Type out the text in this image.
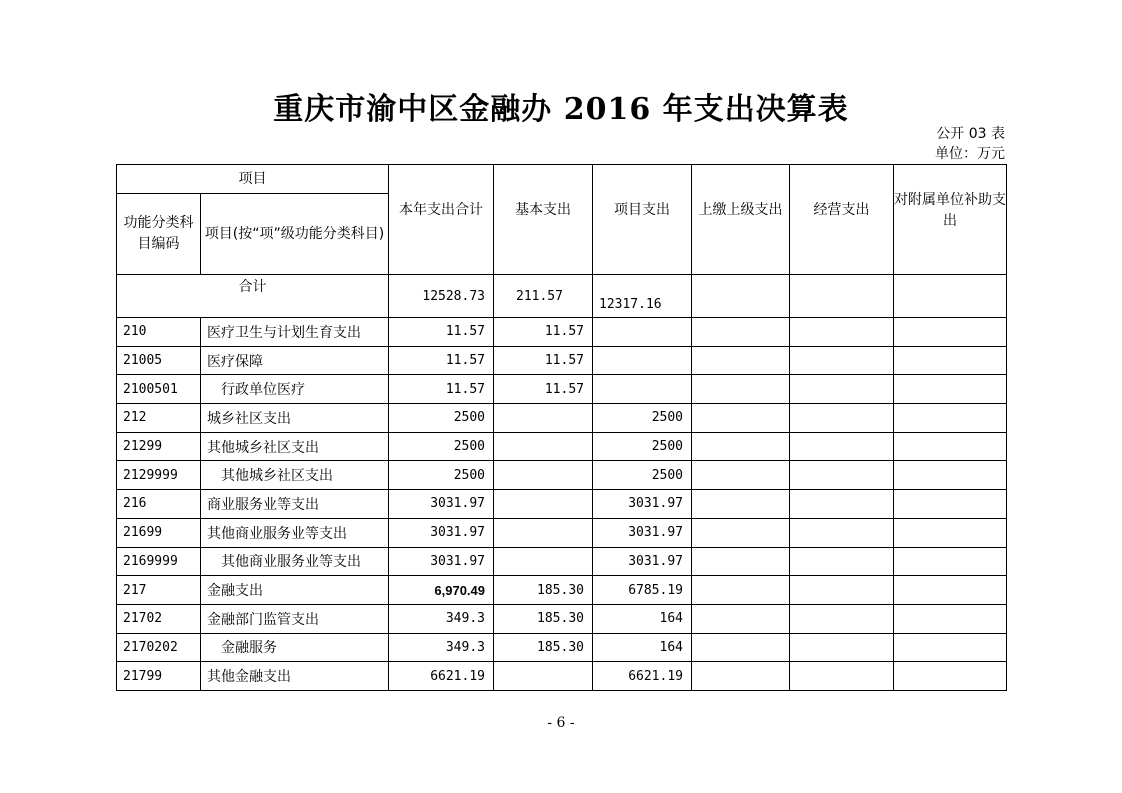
重庆市渝中区金融办 2016 年支出决算表
公开 03 表
单位：万元
项目		本年支出合计	基本支出	项目支出	上缴上级支出	经营支出	对附属单位补助支出
功能分类科目编码	项目(按“项”级功能分类科目)						
合计		12528.73	211.57	12317.16			
210	医疗卫生与计划生育支出	11.57	11.57				
21005	医疗保障	11.57	11.57				
2100501	行政单位医疗	11.57	11.57				
212	城乡社区支出	2500		2500			
21299	其他城乡社区支出	2500		2500			
2129999	其他城乡社区支出	2500		2500			
216	商业服务业等支出	3031.97		3031.97			
21699	其他商业服务业等支出	3031.97		3031.97			
2169999	其他商业服务业等支出	3031.97		3031.97			
217	金融支出	6,970.49	185.30	6785.19			
21702	金融部门监管支出	349.3	185.30	164			
2170202	金融服务	349.3	185.30	164			
21799	其他金融支出	6621.19		6621.19			
- 6 -
